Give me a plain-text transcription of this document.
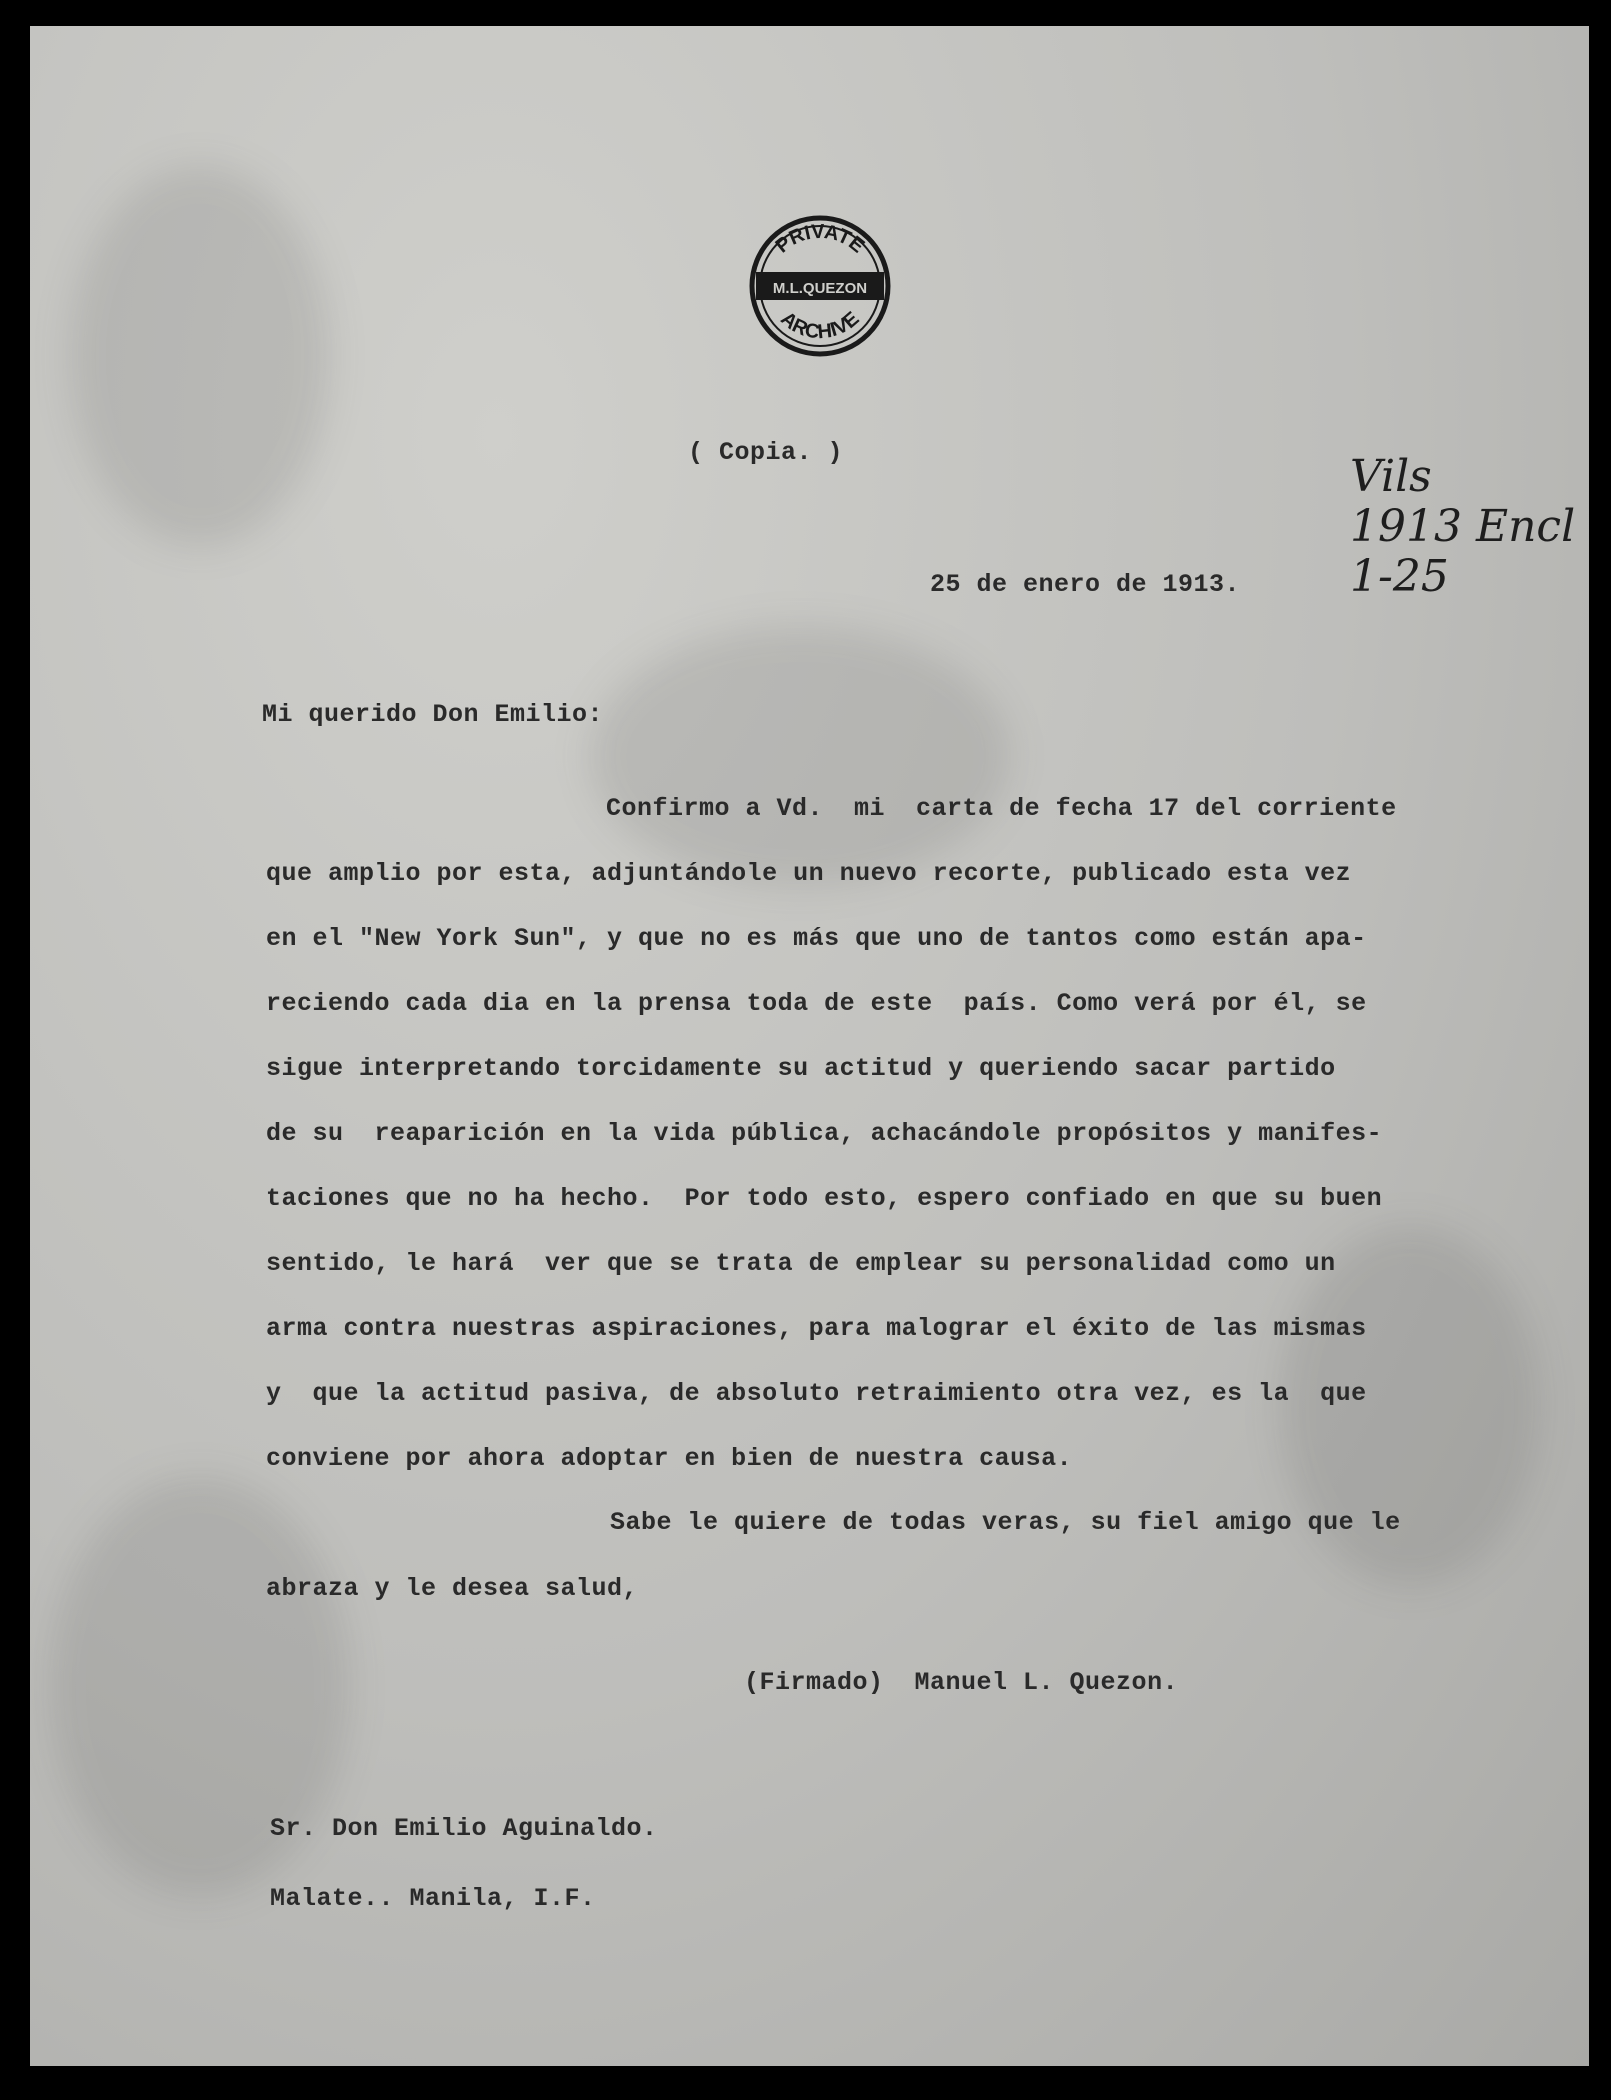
PRIVATE
M.L.QUEZON
ARCHIVE
( Copia. )	Vils
1913 Encl
1-25
25 de enero de 1913.
Mi querido Don Emilio:
Confirmo a Vd.  mi  carta de fecha 17 del corriente
que amplio por esta, adjuntándole un nuevo recorte, publicado esta vez
en el "New York Sun", y que no es más que uno de tantos como están apa-
reciendo cada dia en la prensa toda de este  país. Como verá por él, se
sigue interpretando torcidamente su actitud y queriendo sacar partido
de su  reaparición en la vida pública, achacándole propósitos y manifes-
taciones que no ha hecho.  Por todo esto, espero confiado en que su buen
sentido, le hará  ver que se trata de emplear su personalidad como un
arma contra nuestras aspiraciones, para malograr el éxito de las mismas
y  que la actitud pasiva, de absoluto retraimiento otra vez, es la  que
conviene por ahora adoptar en bien de nuestra causa.
Sabe le quiere de todas veras, su fiel amigo que le
abraza y le desea salud,
(Firmado)  Manuel L. Quezon.
Sr. Don Emilio Aguinaldo.
Malate.. Manila, I.F.
